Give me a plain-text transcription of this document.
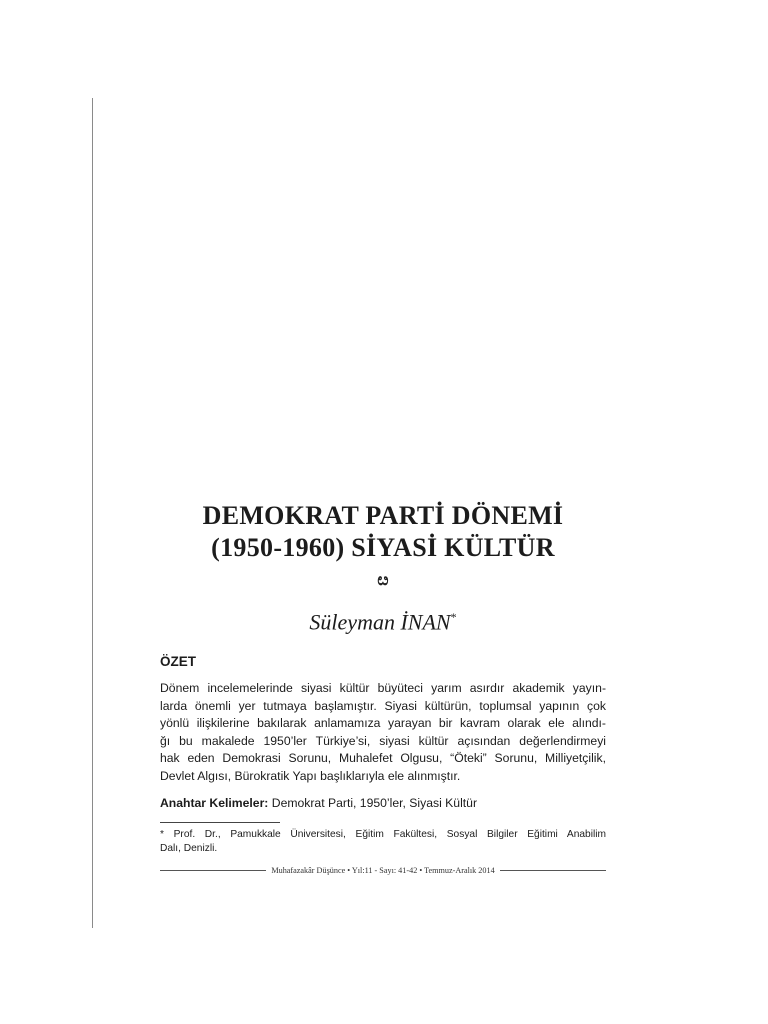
DEMOKRAT PARTİ DÖNEMİ
(1950-1960) SİYASİ KÜLTÜR
ೞ
Süleyman İNAN*
ÖZET
Dönem incelemelerinde siyasi kültür büyüteci yarım asırdır akademik yayın-
larda önemli yer tutmaya başlamıştır. Siyasi kültürün, toplumsal yapının çok
yönlü ilişkilerine bakılarak anlamamıza yarayan bir kavram olarak ele alındı-
ğı bu makalede 1950’ler Türkiye’si, siyasi kültür açısından değerlendirmeyi
hak eden Demokrasi Sorunu, Muhalefet Olgusu, “Öteki” Sorunu, Milliyetçilik,
Devlet Algısı, Bürokratik Yapı başlıklarıyla ele alınmıştır.
Anahtar Kelimeler: Demokrat Parti, 1950’ler, Siyasi Kültür
* Prof. Dr., Pamukkale Üniversitesi, Eğitim Fakültesi, Sosyal Bilgiler Eğitimi Anabilim
Dalı, Denizli.
Muhafazakâr Düşünce • Yıl:11 - Sayı: 41-42 • Temmuz-Aralık 2014
